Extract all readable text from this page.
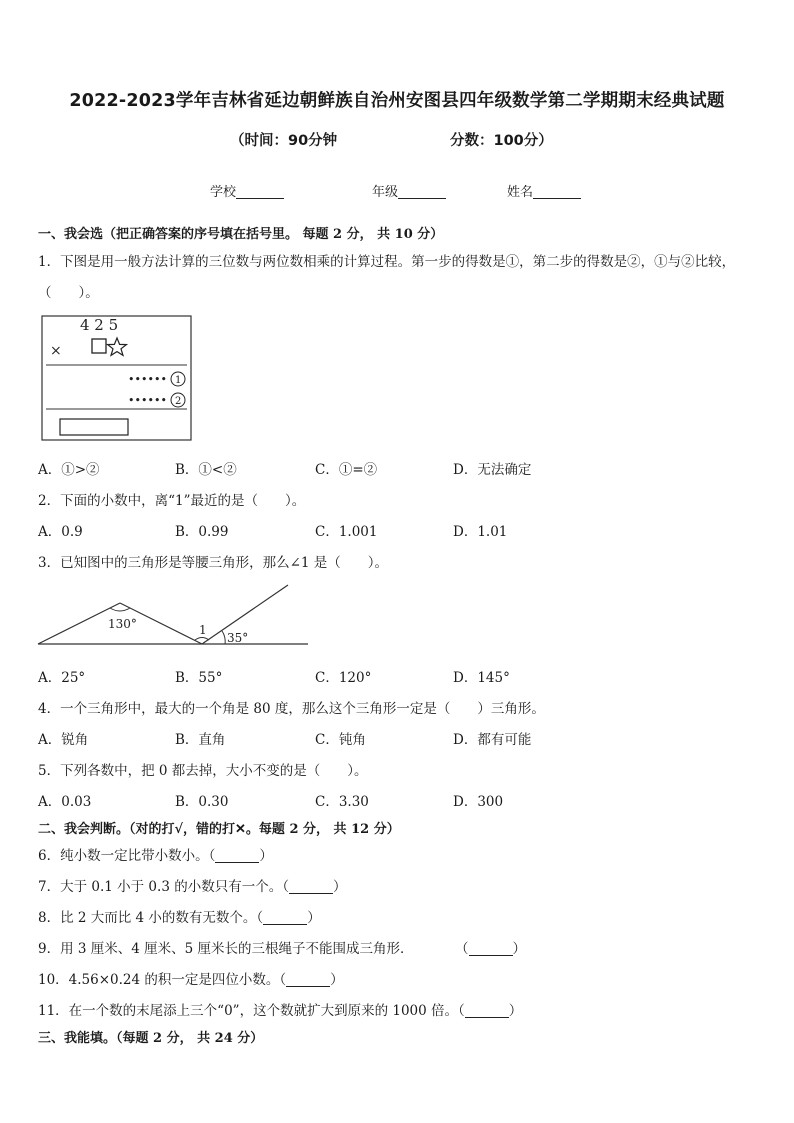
2022-2023学年吉林省延边朝鲜族自治州安图县四年级数学第二学期期末经典试题
（时间：90分钟	分数：100分）
学校	年级	姓名
一、我会选（把正确答案的序号填在括号里。 每题 2 分， 共 10 分）
1．下图是用一般方法计算的三位数与两位数相乘的计算过程。第一步的得数是①，第二步的得数是②，①与②比较，
（　　）。
4 2 5
×
•••••• 1
•••••• 2
A．①>②	B．①<②	C．①=②	D．无法确定
2．下面的小数中，离“1”最近的是（　　）。
A．0.9	B．0.99	C．1.001	D．1.01
3．已知图中的三角形是等腰三角形，那么∠1 是（　　）。
130°	1
35°
A．25°	B．55°	C．120°	D．145°
4．一个三角形中，最大的一个角是 80 度，那么这个三角形一定是（　　）三角形。
A．锐角	B．直角	C．钝角	D．都有可能
5．下列各数中，把 0 都去掉，大小不变的是（　　）。
A．0.03	B．0.30	C．3.30	D．300
二、我会判断。（对的打√，错的打✕。每题 2 分， 共 12 分）
6．纯小数一定比带小数小。（	）
7．大于 0.1 小于 0.3 的小数只有一个。（	）
8．比 2 大而比 4 小的数有无数个。（	）
9．用 3 厘米、4 厘米、5 厘米长的三根绳子不能围成三角形．	（	）
10．4.56×0.24 的积一定是四位小数。（	）
11．在一个数的末尾添上三个“0”，这个数就扩大到原来的 1000 倍。（	）
三、我能填。（每题 2 分， 共 24 分）
